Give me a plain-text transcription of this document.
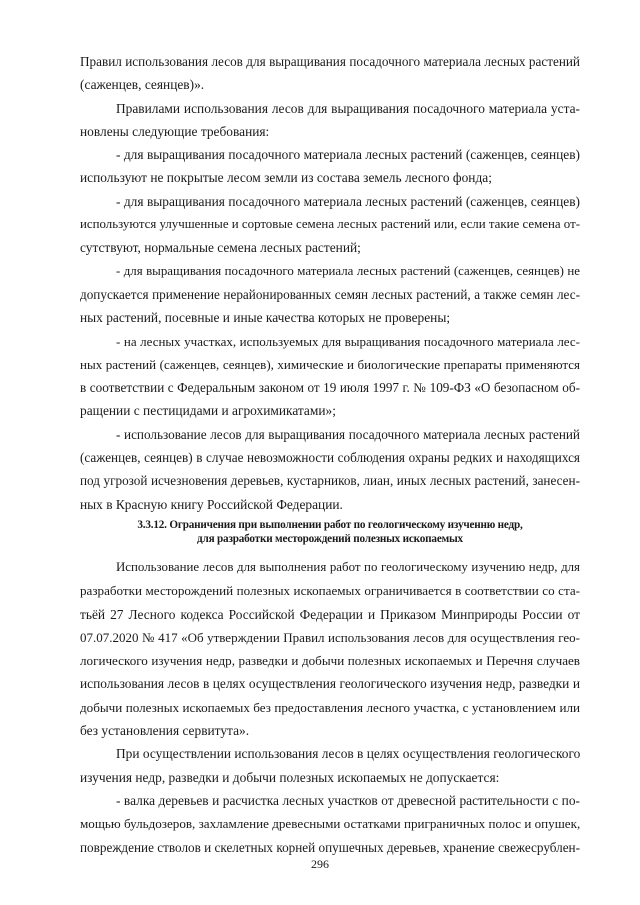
Правил использования лесов для выращивания посадочного материала лесных растений
(саженцев, сеянцев)».
Правилами использования лесов для выращивания посадочного материала уста-
новлены следующие требования:
- для выращивания посадочного материала лесных растений (саженцев, сеянцев)
используют не покрытые лесом земли из состава земель лесного фонда;
- для выращивания посадочного материала лесных растений (саженцев, сеянцев)
используются улучшенные и сортовые семена лесных растений или, если такие семена от-
сутствуют, нормальные семена лесных растений;
- для выращивания посадочного материала лесных растений (саженцев, сеянцев) не
допускается применение нерайонированных семян лесных растений, а также семян лес-
ных растений, посевные и иные качества которых не проверены;
- на лесных участках, используемых для выращивания посадочного материала лес-
ных растений (саженцев, сеянцев), химические и биологические препараты применяются
в соответствии с Федеральным законом от 19 июля 1997 г. № 109-ФЗ «О безопасном об-
ращении с пестицидами и агрохимикатами»;
- использование лесов для выращивания посадочного материала лесных растений
(саженцев, сеянцев) в случае невозможности соблюдения охраны редких и находящихся
под угрозой исчезновения деревьев, кустарников, лиан, иных лесных растений, занесен-
ных в Красную книгу Российской Федерации.
3.3.12. Ограничения при выполнении работ по геологическому изученню недр,
для разработки месторождений полезных ископаемых
Использование лесов для выполнения работ по геологическому изучению недр, для
разработки месторождений полезных ископаемых ограничивается в соответствии со ста-
тьёй 27 Лесного кодекса Российской Федерации и Приказом Минприроды России от
07.07.2020 № 417 «Об утверждении Правил использования лесов для осуществления гео-
логического изучения недр, разведки и добычи полезных ископаемых и Перечня случаев
использования лесов в целях осуществления геологического изучения недр, разведки и
добычи полезных ископаемых без предоставления лесного участка, с установлением или
без установления сервитута».
При осуществлении использования лесов в целях осуществления геологического
изучения недр, разведки и добычи полезных ископаемых не допускается:
- валка деревьев и расчистка лесных участков от древесной растительности с по-
мощью бульдозеров, захламление древесными остатками приграничных полос и опушек,
повреждение стволов и скелетных корней опушечных деревьев, хранение свежесрублен-
296
